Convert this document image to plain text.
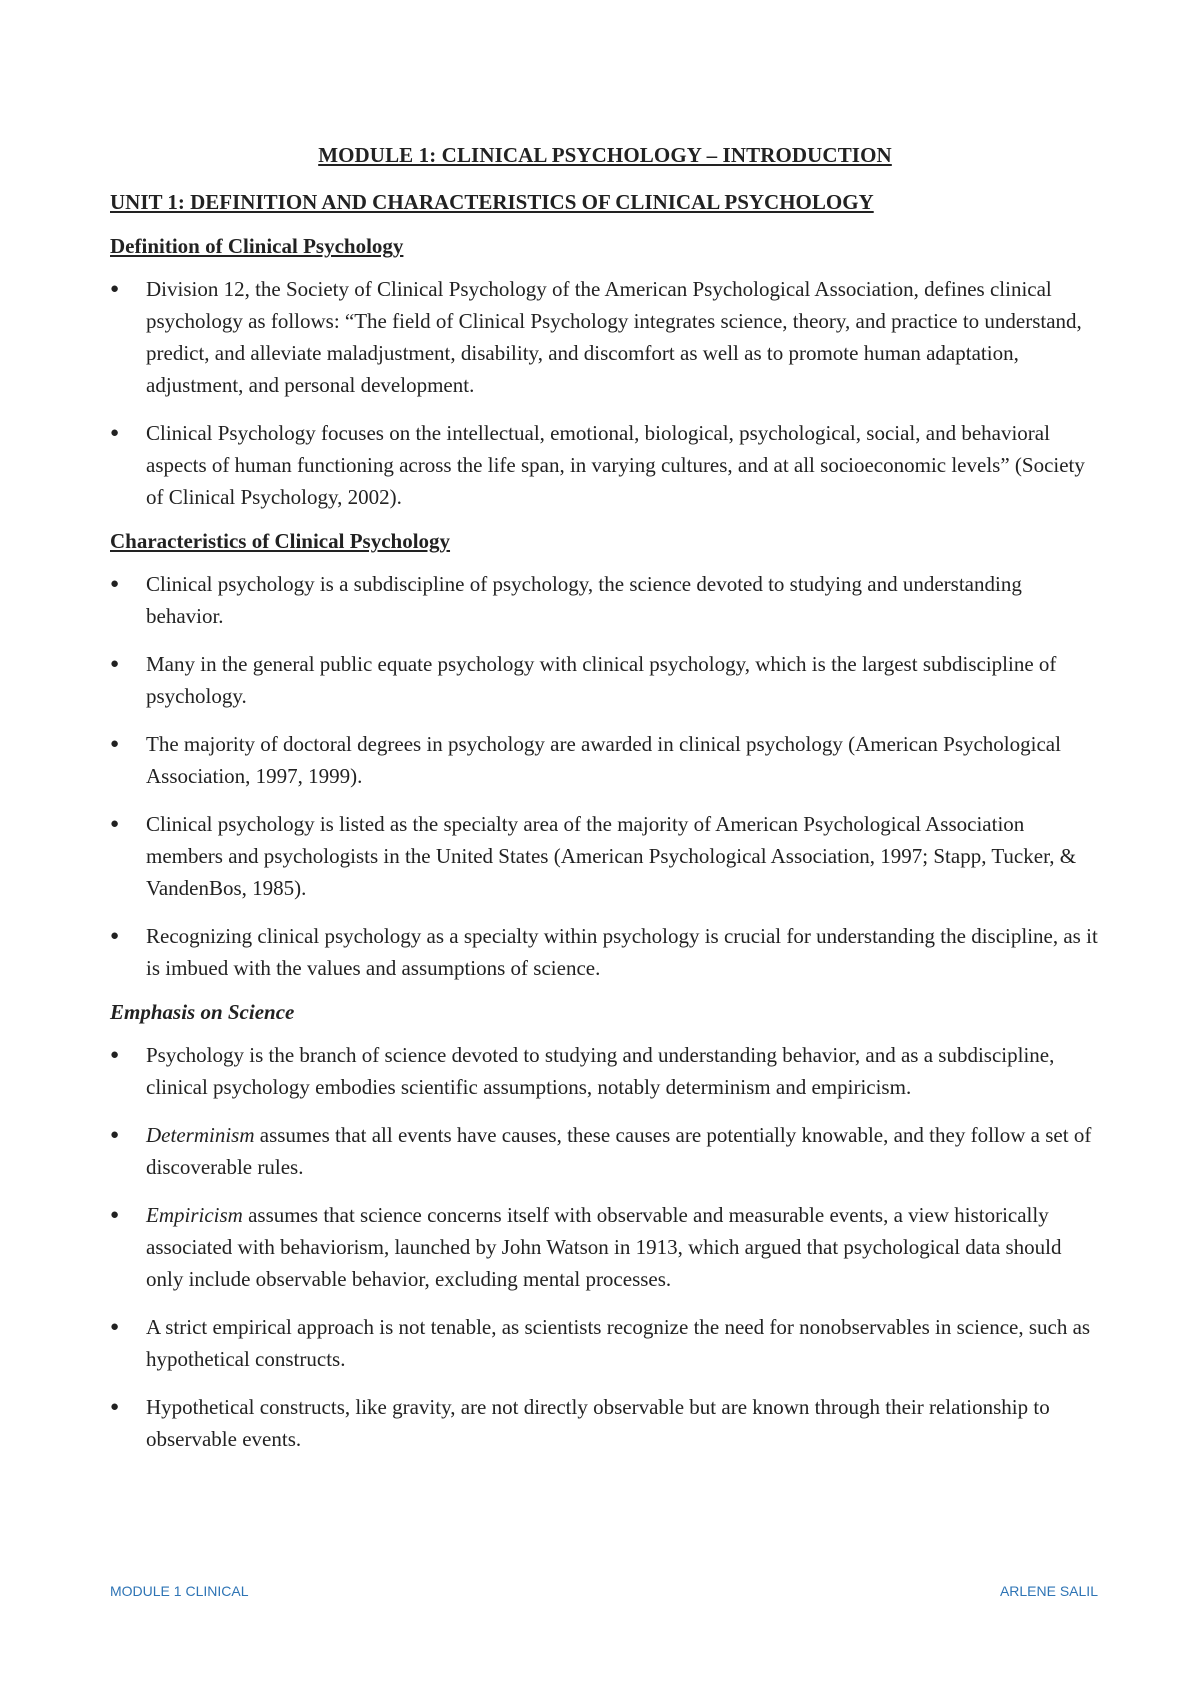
MODULE 1: CLINICAL PSYCHOLOGY – INTRODUCTION
UNIT 1: DEFINITION AND CHARACTERISTICS OF CLINICAL PSYCHOLOGY
Definition of Clinical Psychology
● Division 12, the Society of Clinical Psychology of the American Psychological Association, defines clinical psychology as follows: “The field of Clinical Psychology integrates science, theory, and practice to understand, predict, and alleviate maladjustment, disability, and discomfort as well as to promote human adaptation, adjustment, and personal development.
● Clinical Psychology focuses on the intellectual, emotional, biological, psychological, social, and behavioral aspects of human functioning across the life span, in varying cultures, and at all socioeconomic levels” (Society of Clinical Psychology, 2002).
Characteristics of Clinical Psychology
● Clinical psychology is a subdiscipline of psychology, the science devoted to studying and understanding behavior.
● Many in the general public equate psychology with clinical psychology, which is the largest subdiscipline of psychology.
● The majority of doctoral degrees in psychology are awarded in clinical psychology (American Psychological Association, 1997, 1999).
● Clinical psychology is listed as the specialty area of the majority of American Psychological Association members and psychologists in the United States (American Psychological Association, 1997; Stapp, Tucker, & VandenBos, 1985).
● Recognizing clinical psychology as a specialty within psychology is crucial for understanding the discipline, as it is imbued with the values and assumptions of science.
Emphasis on Science
● Psychology is the branch of science devoted to studying and understanding behavior, and as a subdiscipline, clinical psychology embodies scientific assumptions, notably determinism and empiricism.
● Determinism assumes that all events have causes, these causes are potentially knowable, and they follow a set of discoverable rules.
● Empiricism assumes that science concerns itself with observable and measurable events, a view historically associated with behaviorism, launched by John Watson in 1913, which argued that psychological data should only include observable behavior, excluding mental processes.
● A strict empirical approach is not tenable, as scientists recognize the need for nonobservables in science, such as hypothetical constructs.
● Hypothetical constructs, like gravity, are not directly observable but are known through their relationship to observable events.
MODULE 1 CLINICAL	ARLENE SALIL
